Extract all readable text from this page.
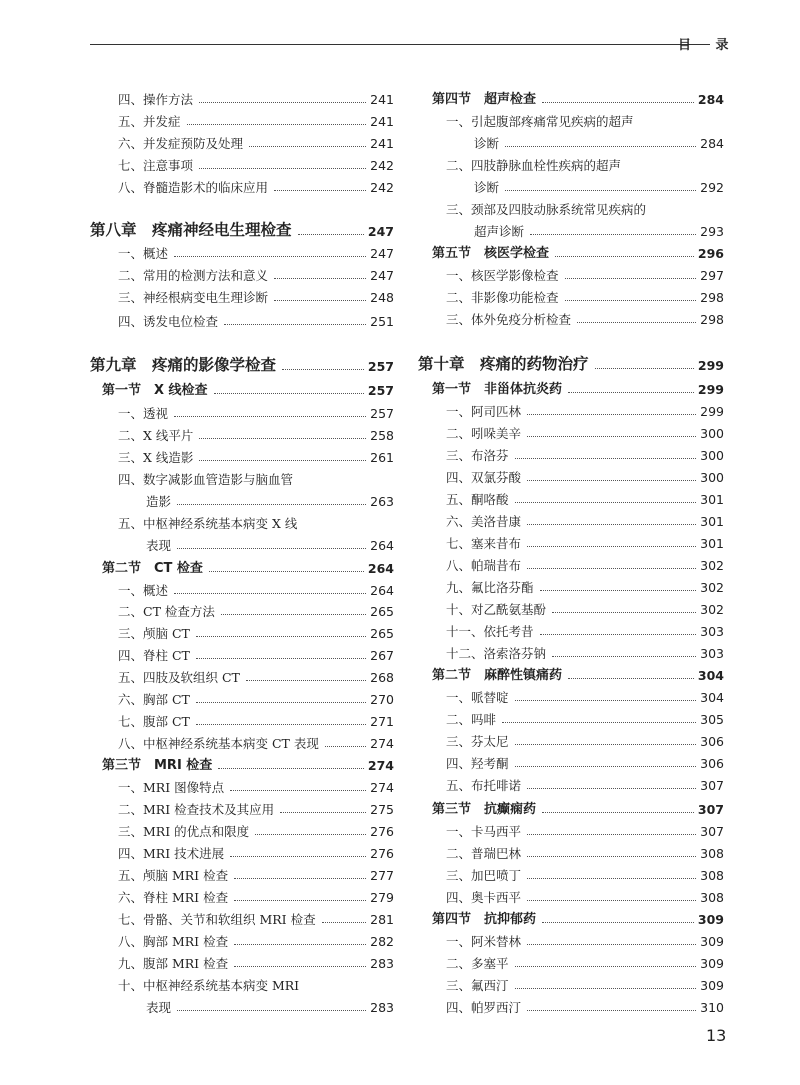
目 录
四、操作方法	241
五、并发症	241
六、并发症预防及处理	241
七、注意事项	242
八、脊髓造影术的临床应用	242
第八章　疼痛神经电生理检查	247
一、概述	247
二、常用的检测方法和意义	247
三、神经根病变电生理诊断	248
四、诱发电位检查	251
第九章　疼痛的影像学检查	257
第一节　X 线检查	257
一、透视	257
二、X 线平片	258
三、X 线造影	261
四、数字减影血管造影与脑血管
造影	263
五、中枢神经系统基本病变 X 线
表现	264
第二节　CT 检查	264
一、概述	264
二、CT 检查方法	265
三、颅脑 CT	265
四、脊柱 CT	267
五、四肢及软组织 CT	268
六、胸部 CT	270
七、腹部 CT	271
八、中枢神经系统基本病变 CT 表现	274
第三节　MRI 检查	274
一、MRI 图像特点	274
二、MRI 检查技术及其应用	275
三、MRI 的优点和限度	276
四、MRI 技术进展	276
五、颅脑 MRI 检查	277
六、脊柱 MRI 检查	279
七、骨骼、关节和软组织 MRI 检查	281
八、胸部 MRI 检查	282
九、腹部 MRI 检查	283
十、中枢神经系统基本病变 MRI
表现	283
第四节　超声检查	284
一、引起腹部疼痛常见疾病的超声
诊断	284
二、四肢静脉血栓性疾病的超声
诊断	292
三、颈部及四肢动脉系统常见疾病的
超声诊断	293
第五节　核医学检查	296
一、核医学影像检查	297
二、非影像功能检查	298
三、体外免疫分析检查	298
第十章　疼痛的药物治疗	299
第一节　非甾体抗炎药	299
一、阿司匹林	299
二、吲哚美辛	300
三、布洛芬	300
四、双氯芬酸	300
五、酮咯酸	301
六、美洛昔康	301
七、塞来昔布	301
八、帕瑞昔布	302
九、氟比洛芬酯	302
十、对乙酰氨基酚	302
十一、依托考昔	303
十二、洛索洛芬钠	303
第二节　麻醉性镇痛药	304
一、哌替啶	304
二、吗啡	305
三、芬太尼	306
四、羟考酮	306
五、布托啡诺	307
第三节　抗癫痫药	307
一、卡马西平	307
二、普瑞巴林	308
三、加巴喷丁	308
四、奥卡西平	308
第四节　抗抑郁药	309
一、阿米替林	309
二、多塞平	309
三、氟西汀	309
四、帕罗西汀	310
13
